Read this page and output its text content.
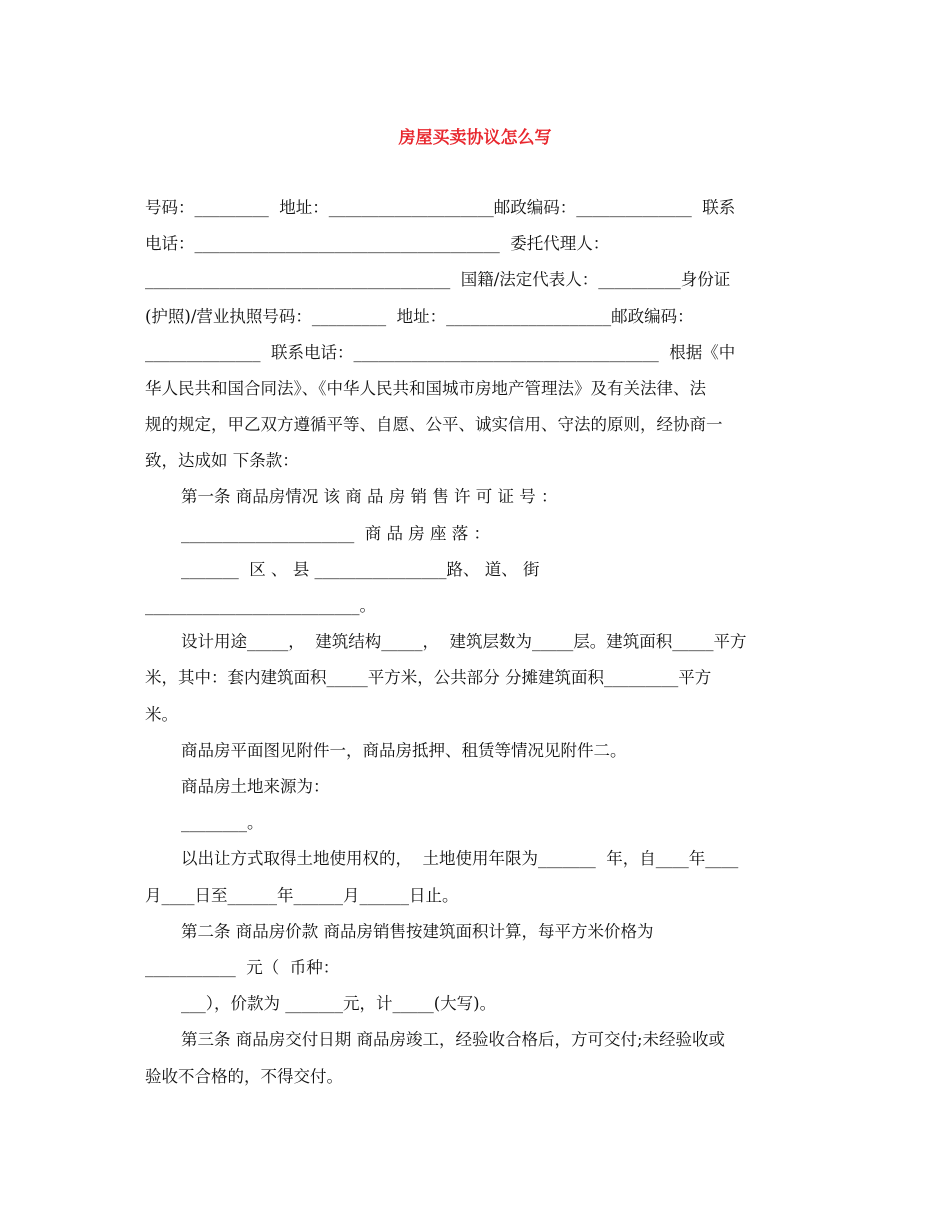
房屋买卖协议怎么写
号码：_________  地址：____________________邮政编码：______________  联系
电话：_____________________________________  委托代理人：
_____________________________________  国籍/法定代表人：__________身份证
(护照)/营业执照号码：_________  地址：____________________邮政编码：
______________  联系电话：_____________________________________  根据《中
华人民共和国合同法》、《中华人民共和国城市房地产管理法》及有关法律、法
规的规定，甲乙双方遵循平等、自愿、公平、诚实信用、守法的原则，经协商一
致，达成如 下条款：
第一条 商品房情况 该 商 品 房 销 售 许 可 证 号 ：
_____________________  商 品 房 座 落 ：
_______  区 、 县 ________________路、 道、 街
__________________________。
设计用途_____，  建筑结构_____，  建筑层数为_____层。建筑面积_____平方
米，其中：套内建筑面积_____平方米，公共部分 分摊建筑面积_________平方
米。
商品房平面图见附件一，商品房抵押、租赁等情况见附件二。
商品房土地来源为：
________。
以出让方式取得土地使用权的，  土地使用年限为_______  年，自____年____
月____日至______年______月______日止。
第二条 商品房价款 商品房销售按建筑面积计算，每平方米价格为
___________  元（  币种：
___），价款为 _______元，计_____(大写)。
第三条 商品房交付日期 商品房竣工，经验收合格后，方可交付;未经验收或
验收不合格的，不得交付。
